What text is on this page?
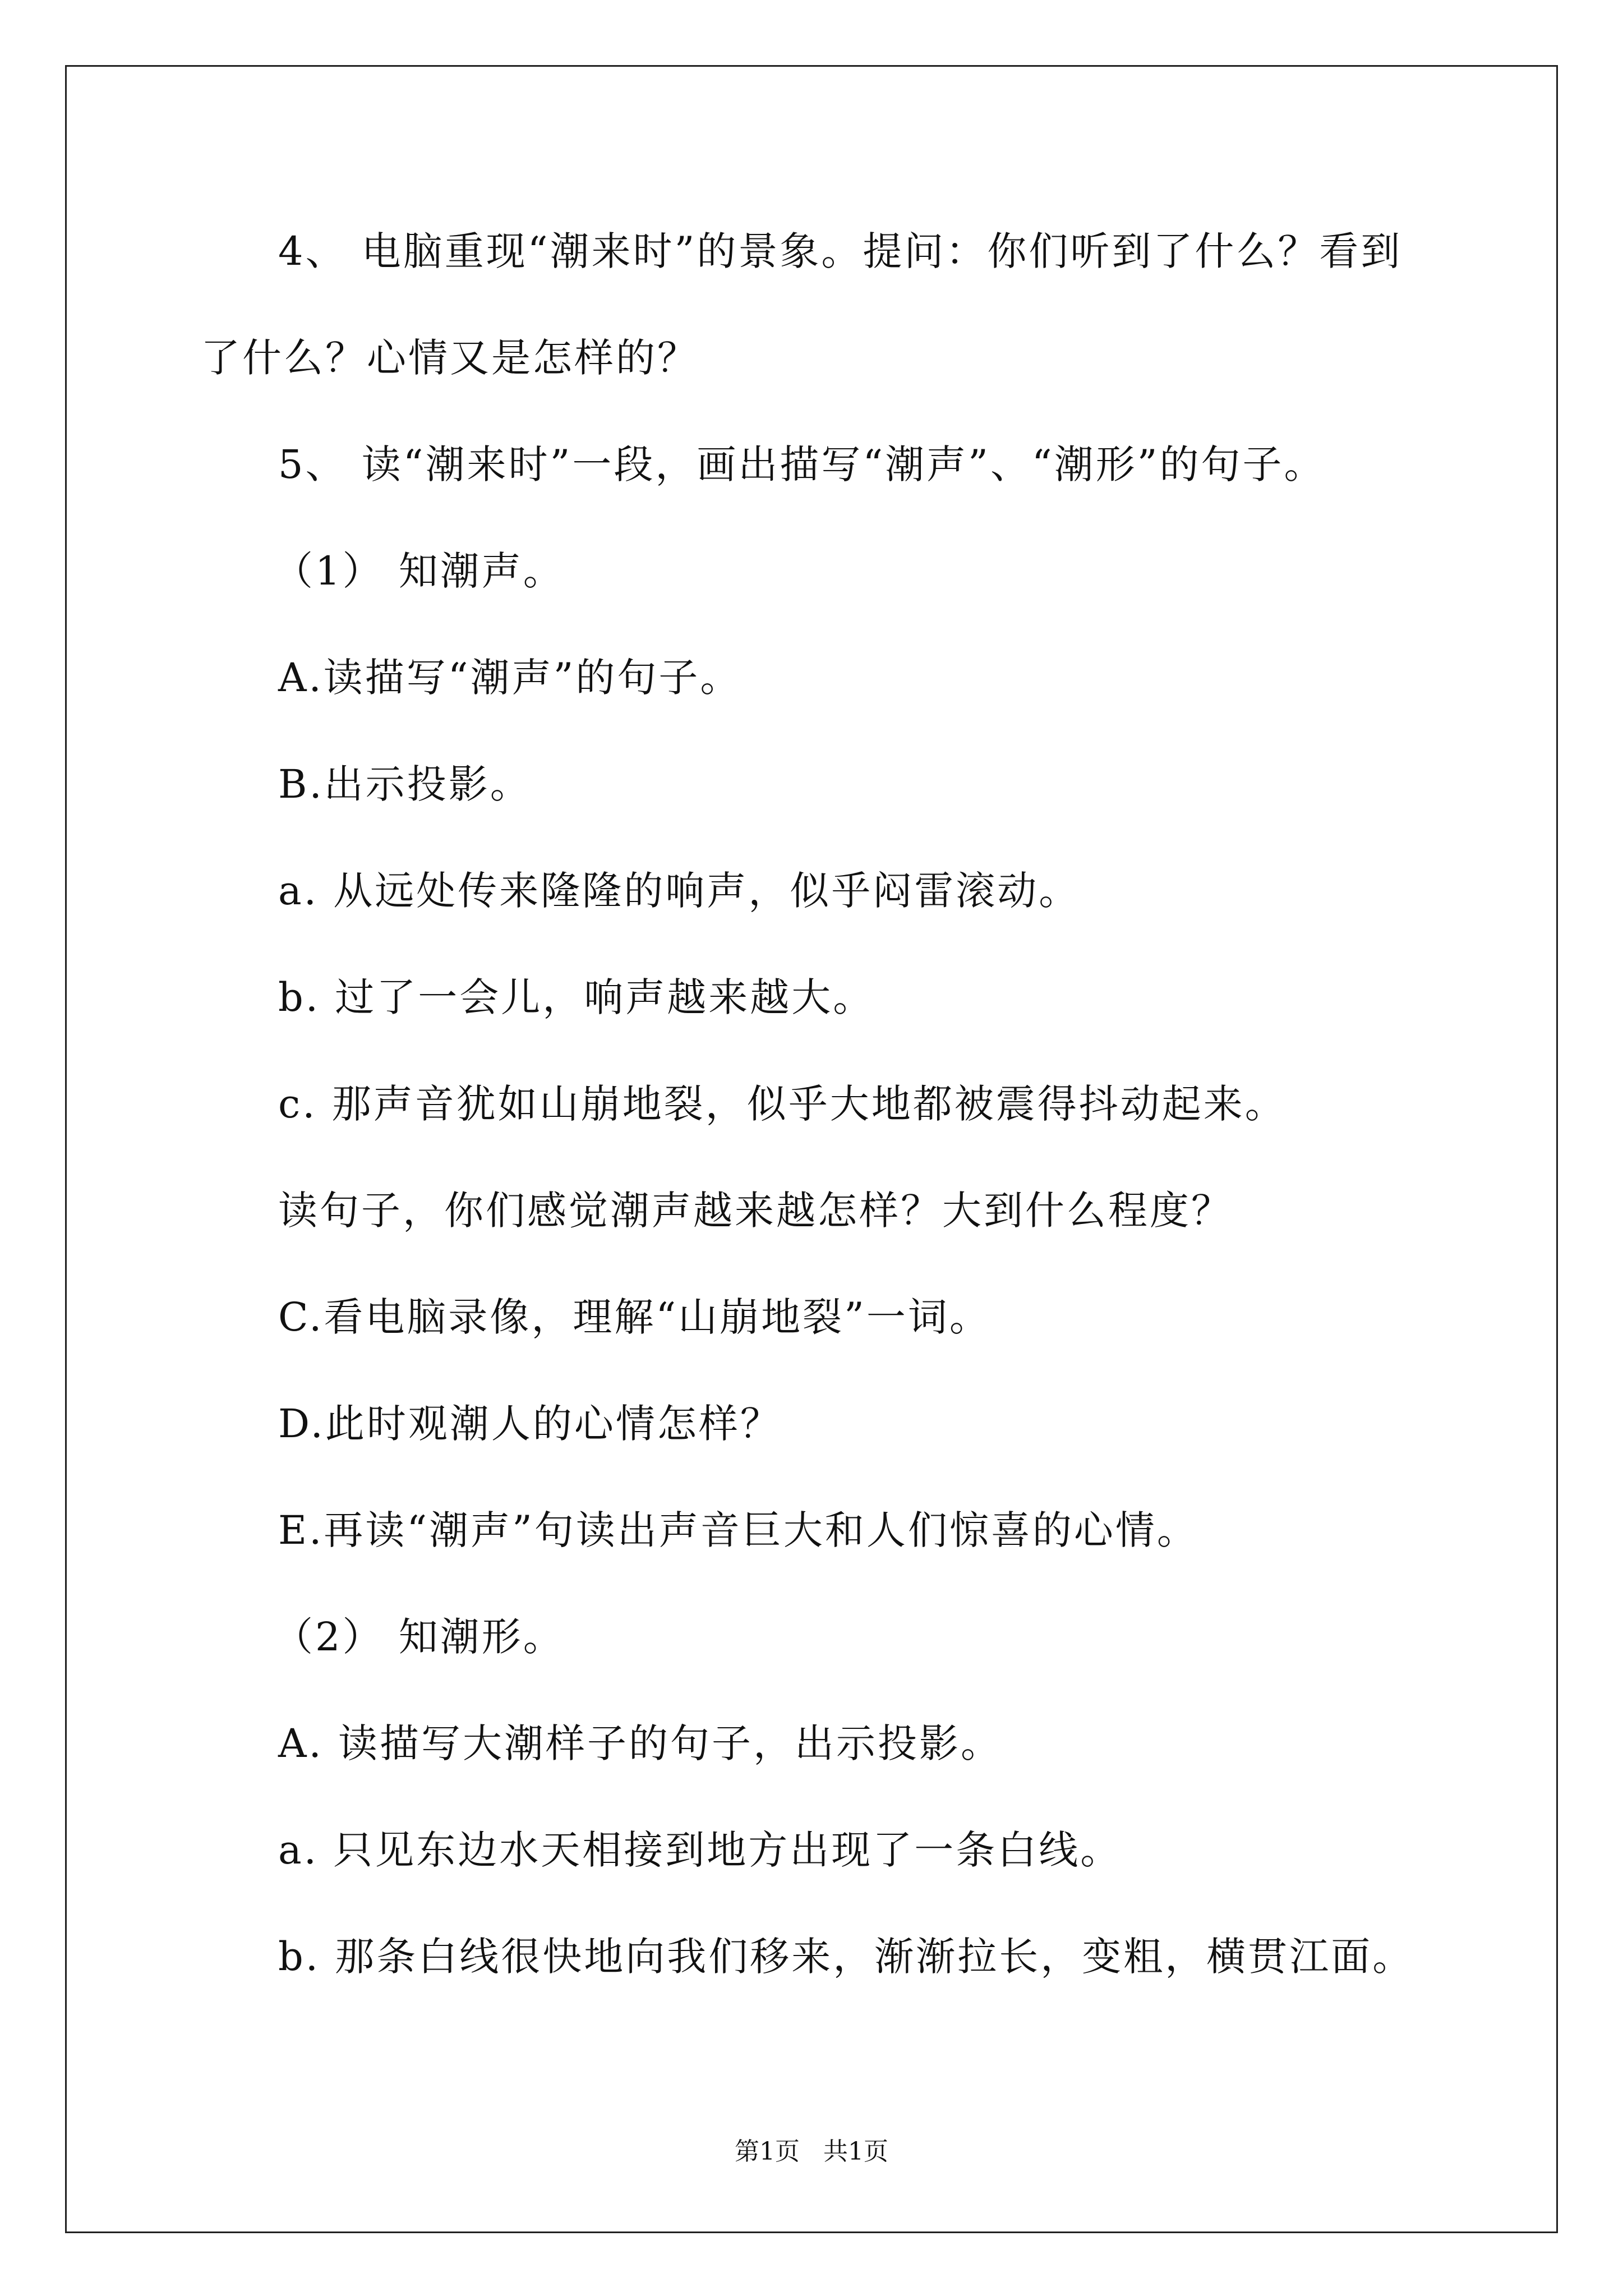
4、 电脑重现“潮来时”的景象。提问：你们听到了什么？看到
了什么？心情又是怎样的？
5、 读“潮来时”一段，画出描写“潮声”、“潮形”的句子。
（1） 知潮声。
A.读描写“潮声”的句子。
B.出示投影。
a. 从远处传来隆隆的响声，似乎闷雷滚动。
b. 过了一会儿，响声越来越大。
c. 那声音犹如山崩地裂，似乎大地都被震得抖动起来。
读句子，你们感觉潮声越来越怎样？大到什么程度？
C.看电脑录像，理解“山崩地裂”一词。
D.此时观潮人的心情怎样？
E.再读“潮声”句读出声音巨大和人们惊喜的心情。
（2） 知潮形。
A. 读描写大潮样子的句子，出示投影。
a. 只见东边水天相接到地方出现了一条白线。
b. 那条白线很快地向我们移来，渐渐拉长，变粗，横贯江面。
第1页   共1页
